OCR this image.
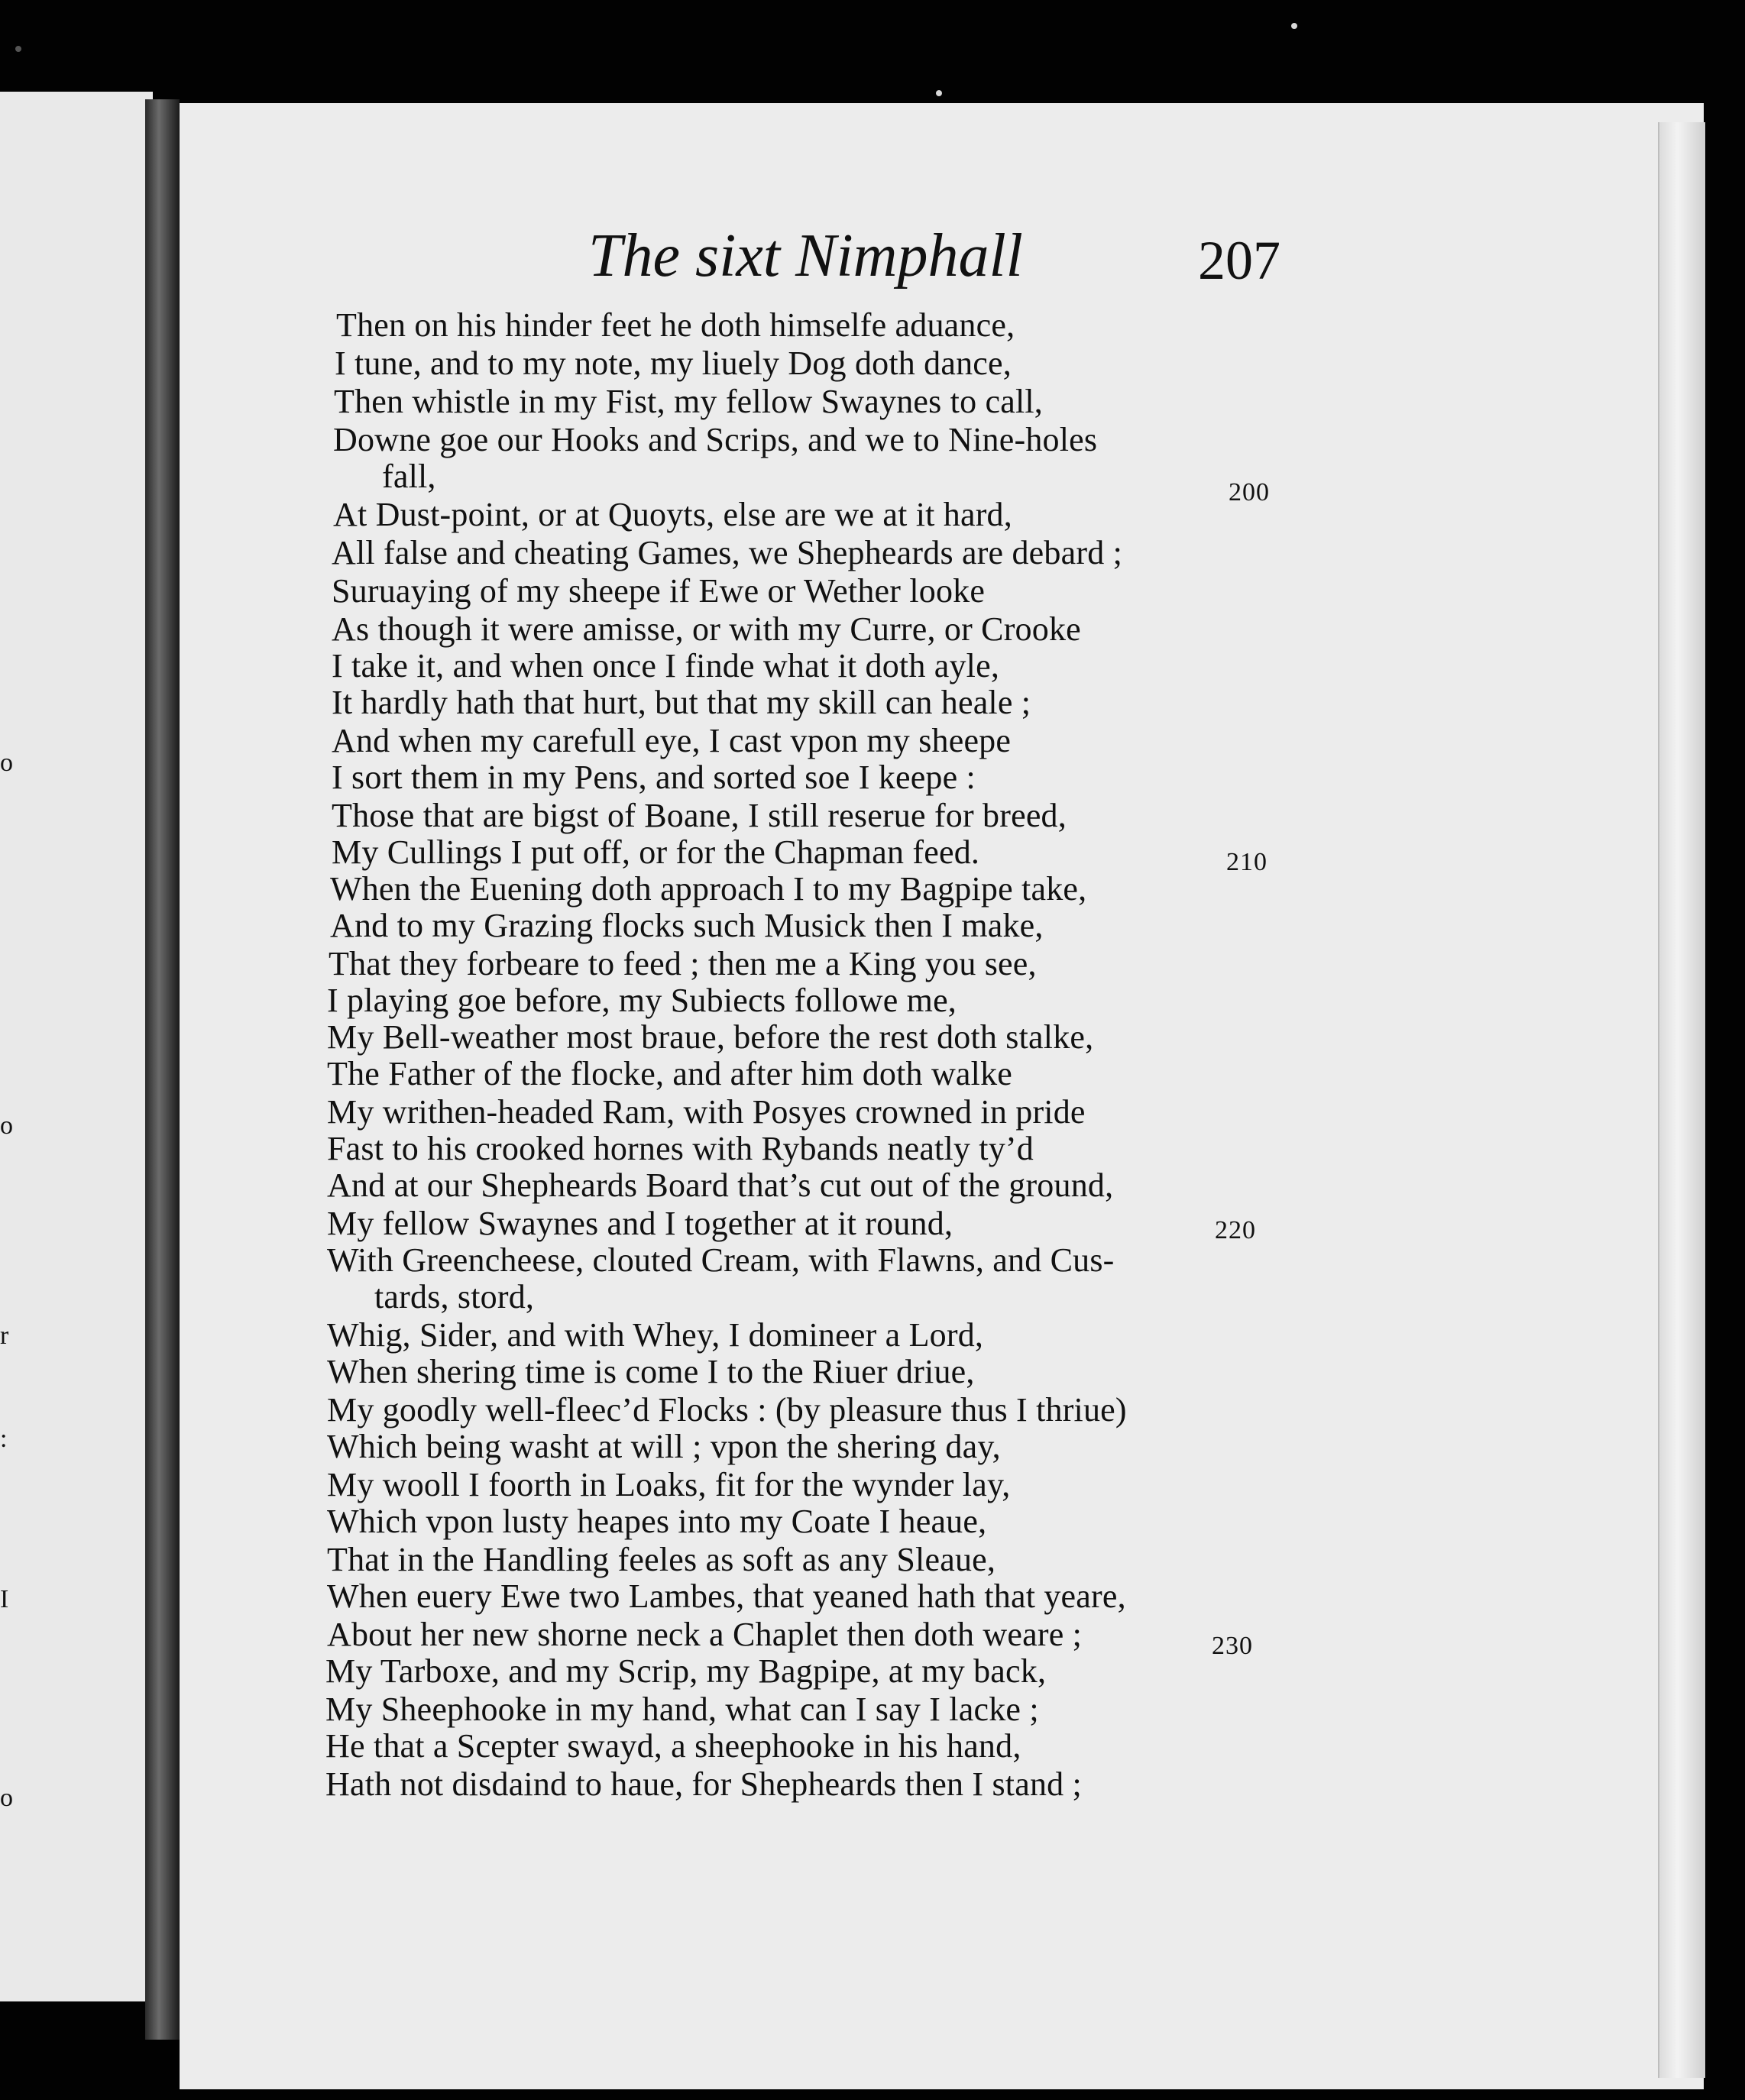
o
o
r
:
I
o
The sixt Nimphall	207
Then on his hinder feet he doth himselfe aduance,
I tune, and to my note, my liuely Dog doth dance,
Then whistle in my Fist, my fellow Swaynes to call,
Downe goe our Hooks and Scrips, and we to Nine-holes
fall,	200
At Dust-point, or at Quoyts, else are we at it hard,
All false and cheating Games, we Shepheards are debard ;
Suruaying of my sheepe if Ewe or Wether looke
As though it were amisse, or with my Curre, or Crooke
I take it, and when once I finde what it doth ayle,
It hardly hath that hurt, but that my skill can heale ;
And when my carefull eye, I cast vpon my sheepe
I sort them in my Pens, and sorted soe I keepe :
Those that are bigst of Boane, I still reserue for breed,
My Cullings I put off, or for the Chapman feed.	210
When the Euening doth approach I to my Bagpipe take,
And to my Grazing flocks such Musick then I make,
That they forbeare to feed ; then me a King you see,
I playing goe before, my Subiects followe me,
My Bell-weather most braue, before the rest doth stalke,
The Father of the flocke, and after him doth walke
My writhen-headed Ram, with Posyes crowned in pride
Fast to his crooked hornes with Rybands neatly ty’d
And at our Shepheards Board that’s cut out of the ground,
My fellow Swaynes and I together at it round,	220
With Greencheese, clouted Cream, with Flawns, and Cus-
tards, stord,
Whig, Sider, and with Whey, I domineer a Lord,
When shering time is come I to the Riuer driue,
My goodly well-fleec’d Flocks : (by pleasure thus I thriue)
Which being washt at will ; vpon the shering day,
My wooll I foorth in Loaks, fit for the wynder lay,
Which vpon lusty heapes into my Coate I heaue,
That in the Handling feeles as soft as any Sleaue,
When euery Ewe two Lambes, that yeaned hath that yeare,
About her new shorne neck a Chaplet then doth weare ;	230
My Tarboxe, and my Scrip, my Bagpipe, at my back,
My Sheephooke in my hand, what can I say I lacke ;
He that a Scepter swayd, a sheephooke in his hand,
Hath not disdaind to haue, for Shepheards then I stand ;
